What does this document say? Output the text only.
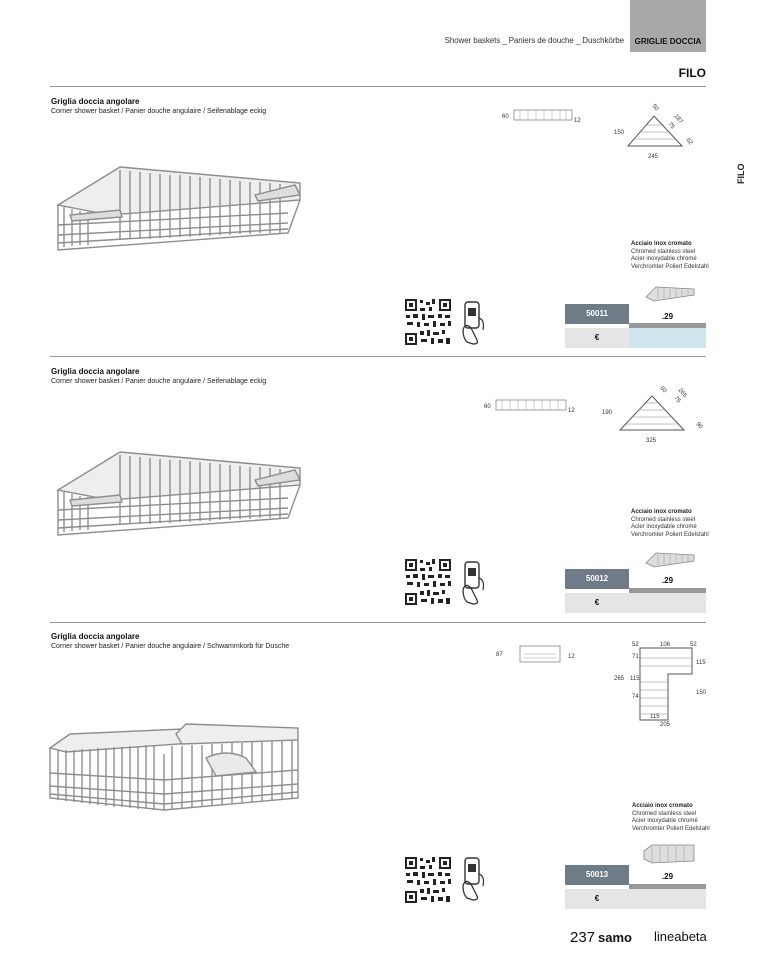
Shower baskets _ Paniers de douche _ Duschkörbe	GRIGLIE DOCCIA
FILO
FILO
Griglia doccia angolare
Corner shower basket / Panier douche angulaire / Seifenablage eckig
60
12
150
245
187
50
75
62
Acciaio inox cromato
Chromed stainless steel
Acier inoxydable chromé
Verchromter Poliert Edelstahl
50011	.29
€
Griglia doccia angolare
Corner shower basket / Panier douche angulaire / Seifenablage eckig
60
12	190
325
265
60
75
90
Acciaio inox cromato
Chromed stainless steel
Acier inoxydable chromé
Verchromter Poliert Edelstahl
50012	.29
€
Griglia doccia angolare
Corner shower basket / Panier douche angulaire / Schwammkorb für Dusche
87	12
52	106	52
115
150
71
115
74
265
115
205
Acciaio inox cromato
Chromed stainless steel
Acier inoxydable chromé
Verchromter Poliert Edelstahl
50013	.29
€
237 samo lineabeta
